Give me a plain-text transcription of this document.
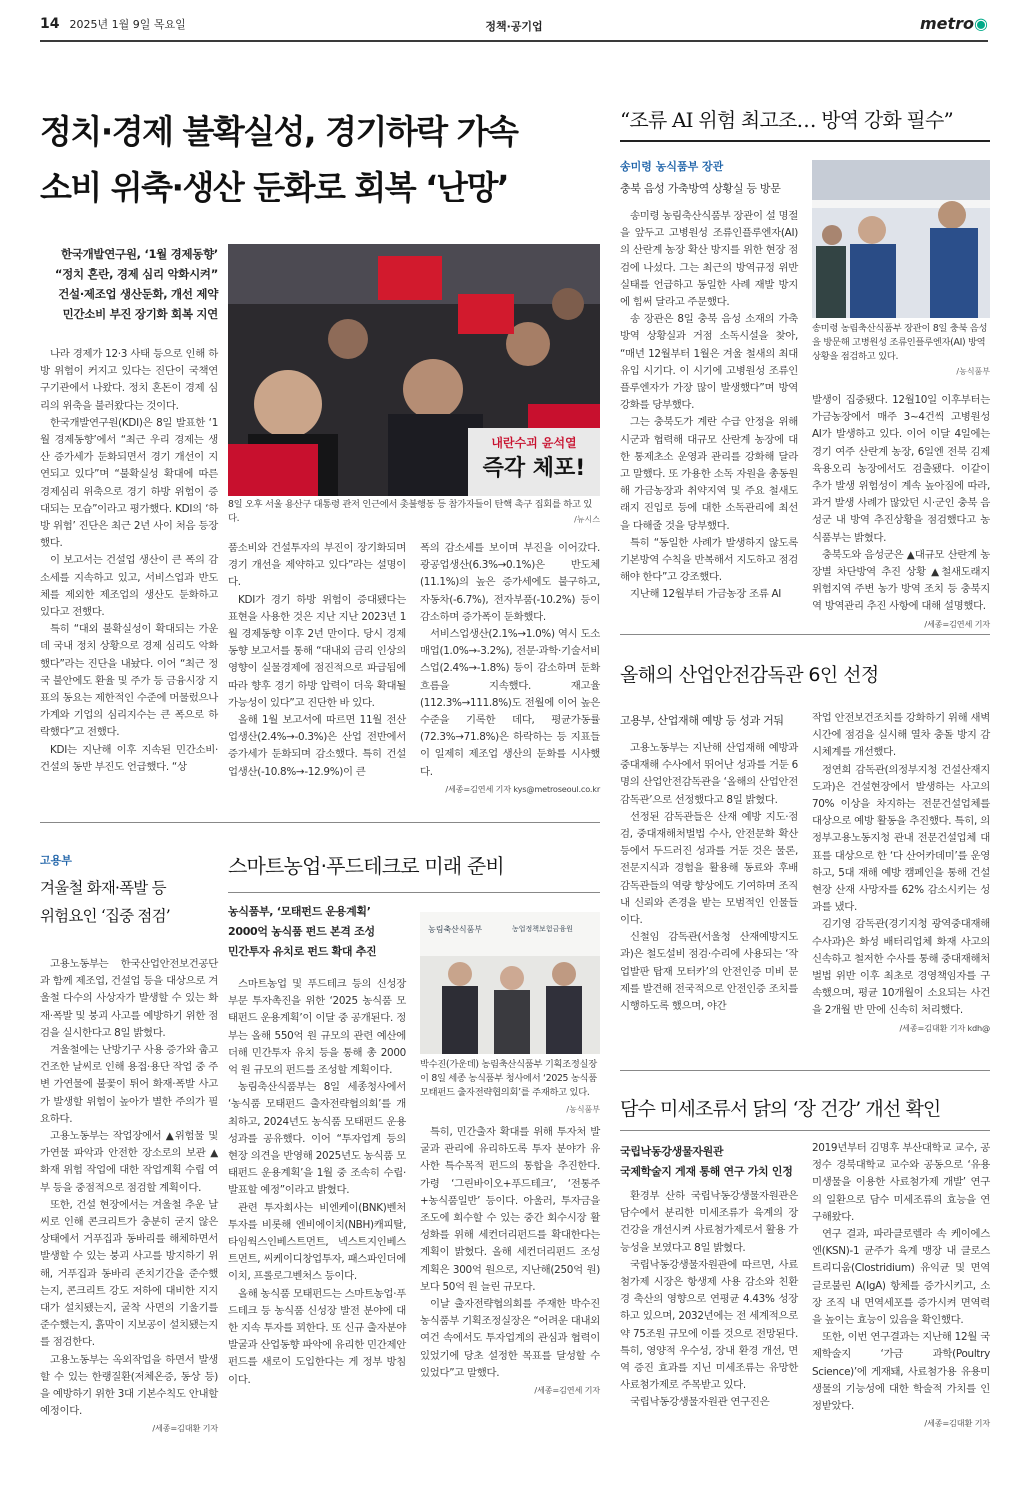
14 2025년 1월 9일 목요일	정책·공기업	metro◉
정치·경제 불확실성, 경기하락 가속
소비 위축·생산 둔화로 회복 ‘난망’
한국개발연구원, ‘1월 경제동향’
“정치 혼란, 경제 심리 악화시켜”
건설·제조업 생산둔화, 개선 제약
민간소비 부진 장기화 회복 지연
내란수괴 윤석열
즉각 체포!
8일 오후 서울 용산구 대통령 관저 인근에서 촛불행동 등 참가자들이 탄핵 촉구 집회를 하고 있다.	/뉴시스

나라 경제가 12·3 사태 등으로 인해 하방 위험이 커지고 있다는 진단이 국책연구기관에서 나왔다. 정치 혼돈이 경제 심리의 위축을 불러왔다는 것이다.

한국개발연구원(KDI)은 8일 발표한 ‘1월 경제동향’에서 “최근 우리 경제는 생산 증가세가 둔화되면서 경기 개선이 지연되고 있다”며 “불확실성 확대에 따른 경제심리 위축으로 경기 하방 위험이 증대되는 모습”이라고 평가했다. KDI의 ‘하방 위험’ 진단은 최근 2년 사이 처음 등장했다.

이 보고서는 건설업 생산이 큰 폭의 감소세를 지속하고 있고, 서비스업과 반도체를 제외한 제조업의 생산도 둔화하고 있다고 전했다.

특히 “대외 불확실성이 확대되는 가운데 국내 정치 상황으로 경제 심리도 악화했다”라는 진단을 내놨다. 이어 “최근 정국 불안에도 환율 및 주가 등 금융시장 지표의 동요는 제한적인 수준에 머물렀으나 가계와 기업의 심리지수는 큰 폭으로 하락했다”고 전했다.

KDI는 지난해 이후 지속된 민간소비·건설의 동반 부진도 언급했다. “상

품소비와 건설투자의 부진이 장기화되며 경기 개선을 제약하고 있다”라는 설명이다.

KDI가 경기 하방 위험이 증대됐다는 표현을 사용한 것은 지난 지난 2023년 1월 경제동향 이후 2년 만이다. 당시 경제동향 보고서를 통해 “대내외 금리 인상의 영향이 실물경제에 점진적으로 파급됨에 따라 향후 경기 하방 압력이 더욱 확대될 가능성이 있다”고 진단한 바 있다.

올해 1월 보고서에 따르면 11월 전산업생산(2.4%→-0.3%)은 산업 전반에서 증가세가 둔화되며 감소했다. 특히 건설업생산(-10.8%→-12.9%)이 큰

폭의 감소세를 보이며 부진을 이어갔다. 광공업생산(6.3%→0.1%)은 반도체(11.1%)의 높은 증가세에도 불구하고, 자동차(-6.7%), 전자부품(-10.2%) 등이 감소하며 증가폭이 둔화했다.

서비스업생산(2.1%→1.0%) 역시 도소매업(1.0%→-3.2%), 전문·과학·기술서비스업(2.4%→-1.8%) 등이 감소하며 둔화 흐름을 지속했다. 재고율(112.3%→111.8%)도 전월에 이어 높은 수준을 기록한 데다, 평균가동률(72.3%→71.8%)은 하락하는 등 지표들이 일제히 제조업 생산의 둔화를 시사했다.

/세종=김연세 기자 kys@metroseoul.co.kr
“조류 AI 위험 최고조… 방역 강화 필수”
송미령 농식품부 장관
충북 음성 가축방역 상황실 등 방문

송미령 농림축산식품부 장관이 설 명절을 앞두고 고병원성 조류인플루엔자(AI)의 산란계 농장 확산 방지를 위한 현장 점검에 나섰다. 그는 최근의 방역규정 위반 실태를 언급하고 동일한 사례 재발 방지에 힘써 달라고 주문했다.

송 장관은 8일 충북 음성 소재의 가축방역 상황실과 거점 소독시설을 찾아, “매년 12월부터 1월은 겨울 철새의 최대 유입 시기다. 이 시기에 고병원성 조류인플루엔자가 가장 많이 발생했다”며 방역 강화를 당부했다.

그는 충북도가 계란 수급 안정을 위해 시군과 협력해 대규모 산란계 농장에 대한 통제초소 운영과 관리를 강화해 달라고 말했다. 또 가용한 소독 자원을 총동원해 가금농장과 취약지역 및 주요 철새도래지 진입로 등에 대한 소독관리에 최선을 다해줄 것을 당부했다.

특히 “동일한 사례가 발생하지 않도록 기본방역 수칙을 반복해서 지도하고 점검해야 한다”고 강조했다.

지난해 12월부터 가금농장 조류 AI

송미령 농림축산식품부 장관이 8일 충북 음성을 방문해 고병원성 조류인플루엔자(AI) 방역 상황을 점검하고 있다.
/농식품부

발생이 집중됐다. 12월10일 이후부터는 가금농장에서 매주 3~4건씩 고병원성 AI가 발생하고 있다. 이어 이달 4일에는 경기 여주 산란계 농장, 6일엔 전북 김제 육용오리 농장에서도 검출됐다. 이같이 추가 발생 위험성이 계속 높아짐에 따라, 과거 발생 사례가 많았던 시·군인 충북 음성군 내 방역 추진상황을 점검했다고 농식품부는 밝혔다.

충북도와 음성군은 ▲대규모 산란계 농장별 차단방역 추진 상황 ▲철새도래지 위험지역 주변 농가 방역 조치 등 충북지역 방역관리 추진 사항에 대해 설명했다.

/세종=김연세 기자
올해의 산업안전감독관 6인 선정
고용부, 산업재해 예방 등 성과 거둬

고용노동부는 지난해 산업재해 예방과 중대재해 수사에서 뛰어난 성과를 거둔 6명의 산업안전감독관을 ‘올해의 산업안전감독관’으로 선정했다고 8일 밝혔다.

선정된 감독관들은 산재 예방 지도·점검, 중대재해처벌법 수사, 안전문화 확산 등에서 두드러진 성과를 거둔 것은 물론, 전문지식과 경험을 활용해 동료와 후배 감독관들의 역량 향상에도 기여하며 조직 내 신뢰와 존경을 받는 모범적인 인물들이다.

신철임 감독관(서울청 산재예방지도과)은 철도설비 점검·수리에 사용되는 ‘작업발판 탑재 모터카’의 안전인증 미비 문제를 발견해 전국적으로 안전인증 조치를 시행하도록 했으며, 야간

작업 안전보건조치를 강화하기 위해 새벽 시간에 점검을 실시해 열차 충돌 방지 감시체계를 개선했다.

정연희 감독관(의정부지청 건설산재지도과)은 건설현장에서 발생하는 사고의 70% 이상을 차지하는 전문건설업체를 대상으로 예방 활동을 추진했다. 특히, 의정부고용노동지청 관내 전문건설업체 대표를 대상으로 한 ‘다 산어카데미’를 운영하고, 5대 재해 예방 캠페인을 통해 건설현장 산재 사망자를 62% 감소시키는 성과를 냈다.

김기영 감독관(경기지청 광역중대재해수사과)은 화성 배터리업체 화재 사고의 신속하고 철저한 수사를 통해 중대재해처벌법 위반 이후 최초로 경영책임자를 구속했으며, 평균 10개월이 소요되는 사건을 2개월 반 만에 신속히 처리했다.

/세종=김대환 기자 kdh@
고용부
겨울철 화재·폭발 등
위험요인 ‘집중 점검’

고용노동부는 한국산업안전보건공단과 함께 제조업, 건설업 등을 대상으로 겨울철 다수의 사상자가 발생할 수 있는 화재·폭발 및 붕괴 사고를 예방하기 위한 점검을 실시한다고 8일 밝혔다.

겨울철에는 난방기구 사용 증가와 춥고 건조한 날씨로 인해 용접·용단 작업 중 주변 가연물에 불꽃이 튀어 화재·폭발 사고가 발생할 위험이 높아가 별한 주의가 필요하다.

고용노동부는 작업장에서 ▲위험물 및 가연물 파악과 안전한 장소로의 보관 ▲화재 위험 작업에 대한 작업계획 수립 여부 등을 중점적으로 점검할 계획이다.

또한, 건설 현장에서는 겨울철 추운 날씨로 인해 콘크리트가 충분히 굳지 않은 상태에서 거푸집과 동바리를 해체하면서 발생할 수 있는 붕괴 사고를 방지하기 위해, 거푸집과 동바리 존치기간을 준수했는지, 콘크리트 강도 저하에 대비한 지지대가 설치됐는지, 굴착 사면의 기울기를 준수했는지, 흙막이 지보공이 설치됐는지를 점검한다.

고용노동부는 옥외작업을 하면서 발생할 수 있는 한랭질환(저체온증, 동상 등)을 예방하기 위한 3대 기본수칙도 안내할 예정이다.

/세종=김대환 기자
스마트농업·푸드테크로 미래 준비
농식품부, ‘모태펀드 운용계획’
2000억 농식품 펀드 본격 조성
민간투자 유치로 펀드 확대 추진

스마트농업 및 푸드테크 등의 신성장 부문 투자촉진을 위한 ‘2025 농식품 모태펀드 운용계획’이 이달 중 공개된다. 정부는 올해 550억 원 규모의 관련 예산에 더해 민간투자 유치 등을 통해 총 2000억 원 규모의 펀드를 조성할 계획이다.

농림축산식품부는 8일 세종청사에서 ‘농식품 모태펀드 출자전략협의회’를 개최하고, 2024년도 농식품 모태펀드 운용 성과를 공유했다. 이어 “투자업계 등의 현장 의견을 반영해 2025년도 농식품 모태펀드 운용계획’을 1월 중 조속히 수립·발표할 예정”이라고 밝혔다.

관련 투자회사는 비엔케이(BNK)벤처투자를 비롯해 엔비에이치(NBH)캐피탈, 타임웍스인베스트먼트, 넥스트지인베스트먼트, 씨케이디창업투자, 패스파인더에이치, 프롤로그벤처스 등이다.

올해 농식품 모태펀드는 스마트농업·푸드테크 등 농식품 신성장 발전 분야에 대한 지속 투자를 꾀한다. 또 신규 출자분야 발굴과 산업동향 파악에 유리한 민간제안펀드를 새로이 도입한다는 게 정부 방침이다.

농림축산식품부	농업정책보험금융원
박수진(가운데) 농림축산식품부 기획조정실장이 8일 세종 농식품부 청사에서 ‘2025 농식품 모태펀드 출자전략협의회’를 주재하고 있다.
/농식품부

특히, 민간출자 확대를 위해 투자처 발굴과 관리에 유리하도록 투자 분야가 유사한 특수목적 펀드의 통합을 추진한다. 가령 ‘그린바이오+푸드테크’, ‘전통주+농식품일반’ 등이다. 아울러, 투자금을 조도에 회수할 수 있는 중간 회수시장 활성화를 위해 세컨더리펀드를 확대한다는 계획이 밝혔다. 올해 세컨더리펀드 조성계획은 300억 원으로, 지난해(250억 원)보다 50억 원 늘린 규모다.

이날 출자전략협의회를 주재한 박수진 농식품부 기획조정실장은 “어려운 대내외 여건 속에서도 투자업계의 관심과 협력이 있었기에 당초 설정한 목표를 달성할 수 있었다”고 말했다.

/세종=김연세 기자
담수 미세조류서 닭의 ‘장 건강’ 개선 확인
국립낙동강생물자원관
국제학술지 게재 통해 연구 가치 인정

환경부 산하 국립낙동강생물자원관은 담수에서 분리한 미세조류가 육계의 장 건강을 개선시켜 사료첨가제로서 활용 가능성을 보였다고 8일 밝혔다.

국립낙동강생물자원관에 따르면, 사료첨가제 시장은 항생제 사용 감소와 친환경 축산의 영향으로 연평균 4.43% 성장하고 있으며, 2032년에는 전 세계적으로 약 75조원 규모에 이를 것으로 전망된다. 특히, 영양적 우수성, 장내 환경 개선, 면역 증진 효과를 지닌 미세조류는 유망한 사료첨가제로 주목받고 있다.

국립낙동강생물자원관 연구진은

2019년부터 김명후 부산대학교 교수, 공정수 경북대학교 교수와 공동으로 ‘유용 미생물을 이용한 사료첨가제 개발’ 연구의 일환으로 담수 미세조류의 효능을 연구해왔다.

연구 결과, 파라클로렐라 속 케이에스엔(KSN)-1 균주가 육계 맹장 내 클로스트리디움(Clostridium) 유익균 및 면역글로불린 A(IgA) 항체를 증가시키고, 소장 조직 내 면역세포를 증가시켜 면역력을 높이는 효능이 있음을 확인했다.

또한, 이번 연구결과는 지난해 12월 국제학술지 ‘가금 과학(Poultry Science)’에 게재돼, 사료첨가용 유용미생물의 기능성에 대한 학술적 가치를 인정받았다.

/세종=김대환 기자
